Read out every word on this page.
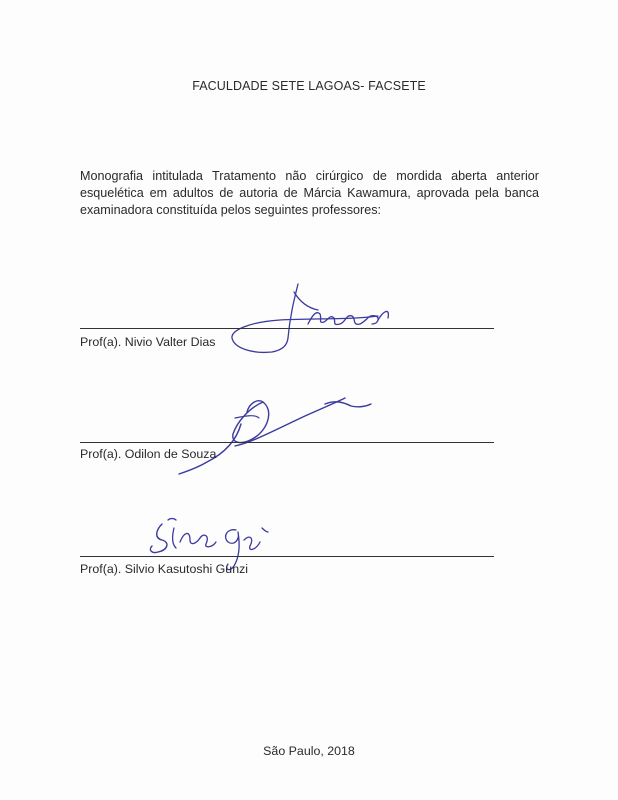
FACULDADE SETE LAGOAS- FACSETE
Monografia intitulada Tratamento não cirúrgico de mordida aberta anterior esquelética em adultos de autoria de Márcia Kawamura, aprovada pela banca examinadora constituída pelos seguintes professores:
Prof(a). Nivio Valter Dias
Prof(a). Odilon de Souza
Prof(a). Silvio Kasutoshi Gunzi
São Paulo, 2018
